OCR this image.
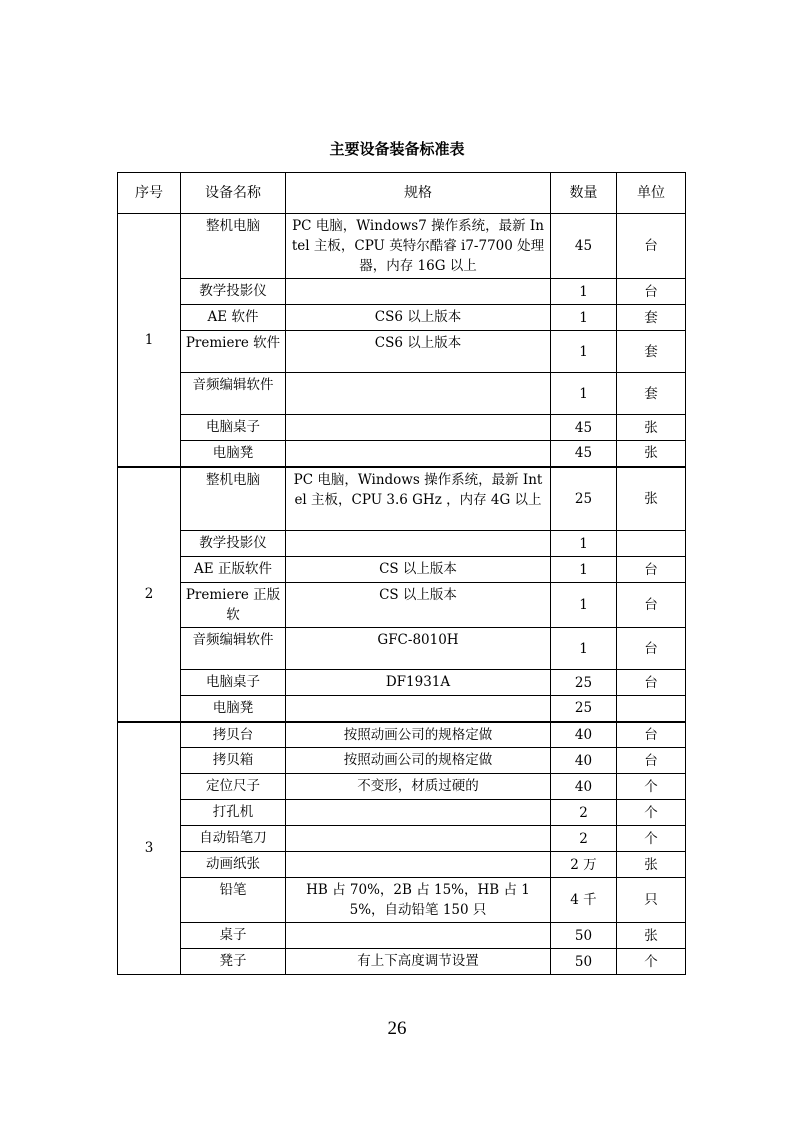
主要设备装备标准表
序号	设备名称	规格	数量	单位
1	整机电脑	PC 电脑，Windows7 操作系统，最新 Intel 主板，CPU 英特尔酷睿 i7-7700 处理器，内存 16G 以上	45	台
	教学投影仪		1	台
	AE 软件	CS6 以上版本	1	套
	Premiere 软件	CS6 以上版本	1	套
	音频编辑软件		1	套
	电脑桌子		45	张
	电脑凳		45	张
2	整机电脑	PC 电脑，Windows 操作系统，最新 Intel 主板，CPU 3.6 GHz ，内存 4G 以上	25	张
	教学投影仪		1	
	AE 正版软件	CS 以上版本	1	台
	Premiere 正版软	CS 以上版本	1	台
	音频编辑软件	GFC-8010H	1	台
	电脑桌子	DF1931A	25	台
	电脑凳		25	
3	拷贝台	按照动画公司的规格定做	40	台
	拷贝箱	按照动画公司的规格定做	40	台
	定位尺子	不变形，材质过硬的	40	个
	打孔机		2	个
	自动铅笔刀		2	个
	动画纸张		2 万	张
	铅笔	HB 占 70%，2B 占 15%，HB 占 15%，自动铅笔 150 只	4 千	只
	桌子		50	张
	凳子	有上下高度调节设置	50	个
26
